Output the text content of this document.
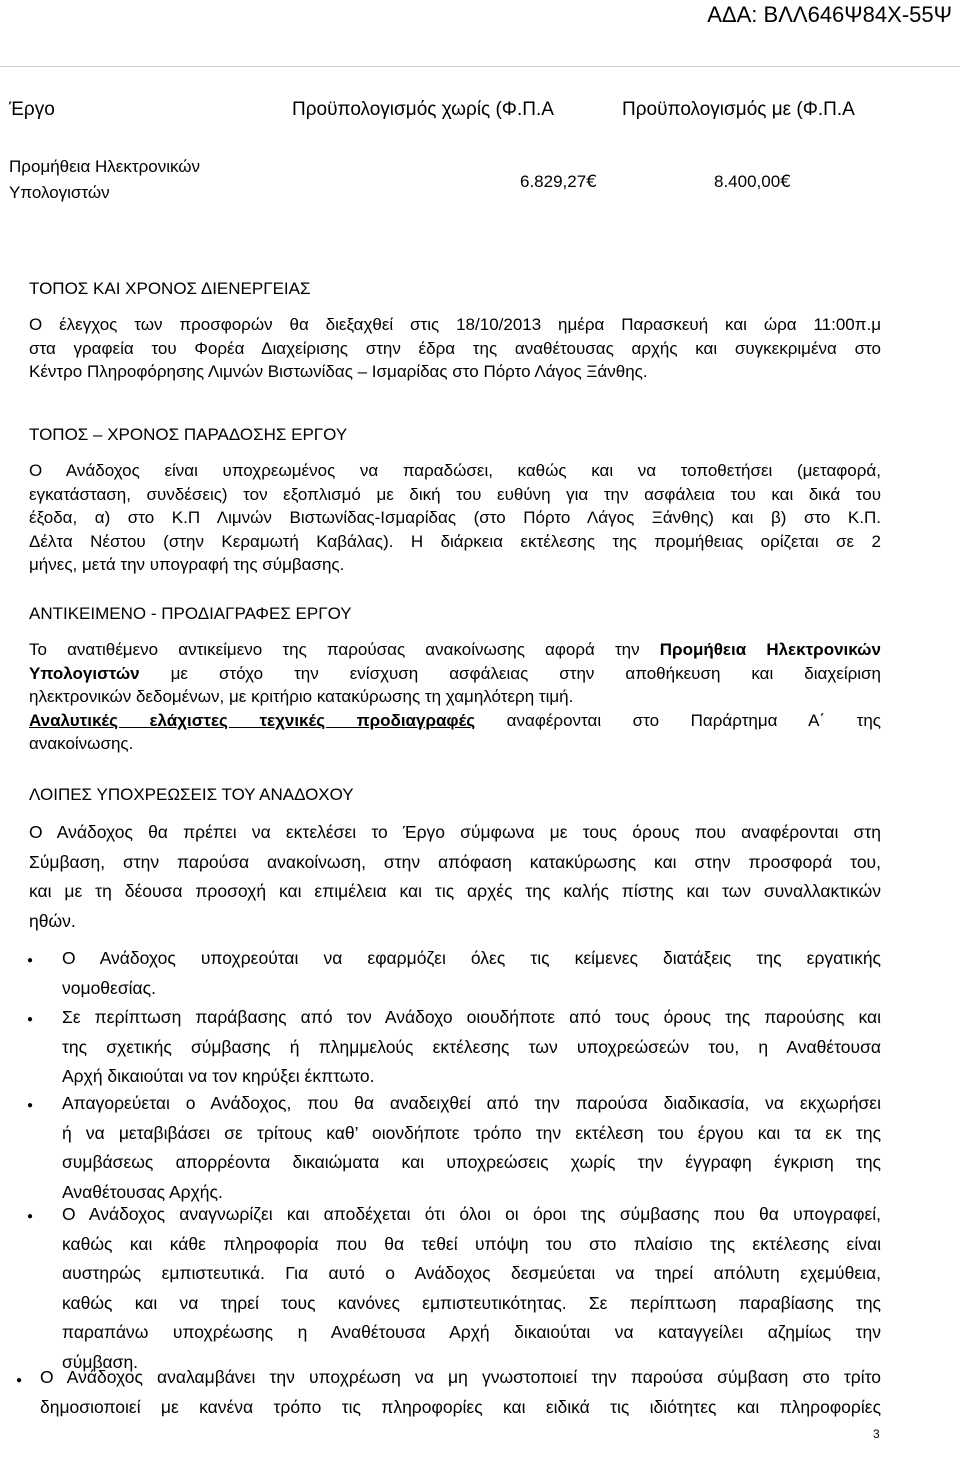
ΑΔΑ: ΒΛΛ646Ψ84Χ-55Ψ
Έργο	Προϋπολογισμός χωρίς (Φ.Π.Α	Προϋπολογισμός με (Φ.Π.Α
Προμήθεια Ηλεκτρονικών
Υπολογιστών
6.829,27€	8.400,00€
ΤΟΠΟΣ ΚΑΙ ΧΡΟΝΟΣ ΔΙΕΝΕΡΓΕΙΑΣ
Ο έλεγχος των προσφορών θα διεξαχθεί στις 18/10/2013 ημέρα Παρασκευή και ώρα 11:00π.μ
στα γραφεία του Φορέα Διαχείρισης στην έδρα της αναθέτουσας αρχής και συγκεκριμένα στο
Κέντρο Πληροφόρησης Λιμνών Βιστωνίδας – Ισμαρίδας στο Πόρτο Λάγος Ξάνθης.
ΤΟΠΟΣ – ΧΡΟΝΟΣ ΠΑΡΑΔΟΣΗΣ ΕΡΓΟΥ
Ο Ανάδοχος είναι υποχρεωμένος να παραδώσει, καθώς και να τοποθετήσει (μεταφορά,
εγκατάσταση, συνδέσεις) τον εξοπλισμό με δική του ευθύνη για την ασφάλεια του και δικά του
έξοδα, α) στο Κ.Π Λιμνών Βιστωνίδας-Ισμαρίδας (στο Πόρτο Λάγος Ξάνθης) και β) στο Κ.Π.
Δέλτα Νέστου (στην Κεραμωτή Καβάλας). Η διάρκεια εκτέλεσης της προμήθειας ορίζεται σε 2
μήνες, μετά την υπογραφή της σύμβασης.
ΑΝΤΙΚΕΙΜΕΝΟ - ΠΡΟΔΙΑΓΡΑΦΕΣ ΕΡΓΟΥ
Το ανατιθέμενο αντικείμενο της παρούσας ανακοίνωσης αφορά την Προμήθεια Ηλεκτρονικών
Υπολογιστών με στόχο την ενίσχυση ασφάλειας στην αποθήκευση και διαχείριση
ηλεκτρονικών δεδομένων, με κριτήριο κατακύρωσης τη χαμηλότερη τιμή.
Αναλυτικές ελάχιστες τεχνικές προδιαγραφές αναφέρονται στο Παράρτημα Α΄ της
ανακοίνωσης.
ΛΟΙΠΕΣ ΥΠΟΧΡΕΩΣΕΙΣ ΤΟΥ ΑΝΑΔΟΧΟΥ
Ο Ανάδοχος θα πρέπει να εκτελέσει το Έργο σύμφωνα με τους όρους που αναφέρονται στη
Σύμβαση, στην παρούσα ανακοίνωση, στην απόφαση κατακύρωσης και στην προσφορά του,
και με τη δέουσα προσοχή και επιμέλεια και τις αρχές της καλής πίστης και των συναλλακτικών
ηθών.
● Ο Ανάδοχος υποχρεούται να εφαρμόζει όλες τις κείμενες διατάξεις της εργατικής
νομοθεσίας.
● Σε περίπτωση παράβασης από τον Ανάδοχο οιουδήποτε από τους όρους της παρούσης και
της σχετικής σύμβασης ή πλημμελούς εκτέλεσης των υποχρεώσεών του, η Αναθέτουσα
Αρχή δικαιούται να τον κηρύξει έκπτωτο.
● Απαγορεύεται ο Ανάδοχος, που θα αναδειχθεί από την παρούσα διαδικασία, να εκχωρήσει
ή να μεταβιβάσει σε τρίτους καθ’ οιονδήποτε τρόπο την εκτέλεση του έργου και τα εκ της
συμβάσεως απορρέοντα δικαιώματα και υποχρεώσεις χωρίς την έγγραφη έγκριση της
Αναθέτουσας Αρχής.
● Ο Ανάδοχος αναγνωρίζει και αποδέχεται ότι όλοι οι όροι της σύμβασης που θα υπογραφεί,
καθώς και κάθε πληροφορία που θα τεθεί υπόψη του στο πλαίσιο της εκτέλεσης είναι
αυστηρώς εμπιστευτικά. Για αυτό ο Ανάδοχος δεσμεύεται να τηρεί απόλυτη εχεμύθεια,
καθώς και να τηρεί τους κανόνες εμπιστευτικότητας. Σε περίπτωση παραβίασης της
παραπάνω υποχρέωσης η Αναθέτουσα Αρχή δικαιούται να καταγγείλει αζημίως την
σύμβαση.
● Ο Ανάδοχος αναλαμβάνει την υποχρέωση να μη γνωστοποιεί την παρούσα σύμβαση στο τρίτο
δημοσιοποιεί με κανένα τρόπο τις πληροφορίες και ειδικά τις ιδιότητες και πληροφορίες
3
